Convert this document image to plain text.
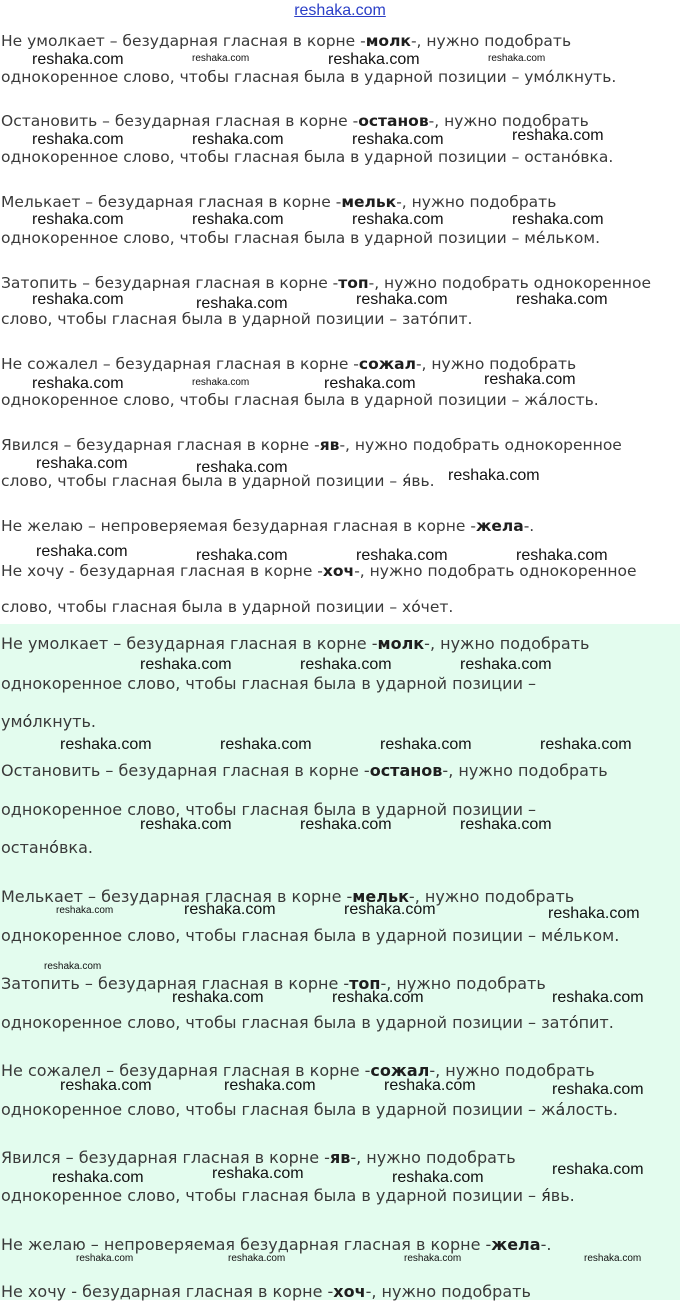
reshaka.com
Не умолкает – безударная гласная в корне -молк-, нужно подобрать
однокоренное слово, чтобы гласная была в ударной позиции – умо́лкнуть.
Остановить – безударная гласная в корне -останов-, нужно подобрать
однокоренное слово, чтобы гласная была в ударной позиции – остано́вка.
Мелькает – безударная гласная в корне -мельк-, нужно подобрать
однокоренное слово, чтобы гласная была в ударной позиции – ме́льком.
Затопить – безударная гласная в корне -топ-, нужно подобрать однокоренное
слово, чтобы гласная была в ударной позиции – зато́пит.
Не сожалел – безударная гласная в корне -сожал-, нужно подобрать
однокоренное слово, чтобы гласная была в ударной позиции – жа́лость.
Явился – безударная гласная в корне -яв-, нужно подобрать однокоренное
слово, чтобы гласная была в ударной позиции – я́вь.
Не желаю – непроверяемая безударная гласная в корне -жела-.
Не хочу - безударная гласная в корне -хоч-, нужно подобрать однокоренное
слово, чтобы гласная была в ударной позиции – хо́чет.
reshaka.com	reshaka.com	reshaka.com	reshaka.com
reshaka.com	reshaka.com	reshaka.com	reshaka.com
reshaka.com	reshaka.com	reshaka.com	reshaka.com
reshaka.com	reshaka.com	reshaka.com	reshaka.com
reshaka.com	reshaka.com	reshaka.com	reshaka.com
reshaka.com	reshaka.com	reshaka.com
reshaka.com	reshaka.com	reshaka.com	reshaka.com
Не умолкает – безударная гласная в корне -молк-, нужно подобрать
однокоренное слово, чтобы гласная была в ударной позиции –
умо́лкнуть.
Остановить – безударная гласная в корне -останов-, нужно подобрать
однокоренное слово, чтобы гласная была в ударной позиции –
остано́вка.
Мелькает – безударная гласная в корне -мельк-, нужно подобрать
однокоренное слово, чтобы гласная была в ударной позиции – ме́льком.
Затопить – безударная гласная в корне -топ-, нужно подобрать
однокоренное слово, чтобы гласная была в ударной позиции – зато́пит.
Не сожалел – безударная гласная в корне -сожал-, нужно подобрать
однокоренное слово, чтобы гласная была в ударной позиции – жа́лость.
Явился – безударная гласная в корне -яв-, нужно подобрать
однокоренное слово, чтобы гласная была в ударной позиции – я́вь.
Не желаю – непроверяемая безударная гласная в корне -жела-.
Не хочу - безударная гласная в корне -хоч-, нужно подобрать
reshaka.com	reshaka.com	reshaka.com
reshaka.com	reshaka.com	reshaka.com	reshaka.com
reshaka.com	reshaka.com	reshaka.com
reshaka.com	reshaka.com	reshaka.com	reshaka.com
reshaka.com
reshaka.com	reshaka.com	reshaka.com
reshaka.com	reshaka.com	reshaka.com	reshaka.com
reshaka.com	reshaka.com	reshaka.com	reshaka.com
reshaka.com	reshaka.com	reshaka.com	reshaka.com
